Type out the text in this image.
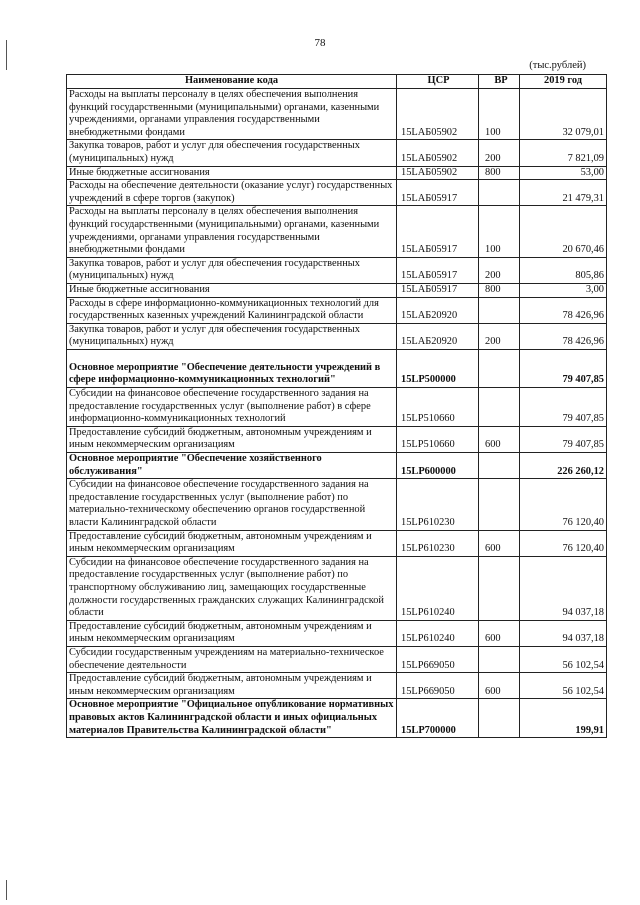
78
(тыс.рублей)
Наименование кода	ЦСР	ВР	2019 год
Расходы на выплаты персоналу в целях обеспечения выполнения функций государственными (муниципальными) органами, казенными учреждениями, органами управления государственными внебюджетными фондами	15LAБ05902	100	32 079,01
Закупка товаров, работ и услуг для обеспечения государственных (муниципальных) нужд	15LAБ05902	200	7 821,09
Иные бюджетные ассигнования	15LAБ05902	800	53,00
Расходы на обеспечение деятельности (оказание услуг) государственных учреждений в сфере торгов (закупок)	15LAБ05917		21 479,31
Расходы на выплаты персоналу в целях обеспечения выполнения функций государственными (муниципальными) органами, казенными учреждениями, органами управления государственными внебюджетными фондами	15LAБ05917	100	20 670,46
Закупка товаров, работ и услуг для обеспечения государственных (муниципальных) нужд	15LAБ05917	200	805,86
Иные бюджетные ассигнования	15LAБ05917	800	3,00
Расходы в сфере информационно-коммуникационных технологий для государственных казенных учреждений Калининградской области	15LAБ20920		78 426,96
Закупка товаров, работ и услуг для обеспечения государственных (муниципальных) нужд	15LAБ20920	200	78 426,96
Основное мероприятие "Обеспечение деятельности учреждений в сфере информационно-коммуникационных технологий"	15LP500000		79 407,85
Субсидии на финансовое обеспечение государственного задания на предоставление государственных услуг (выполнение работ) в сфере информационно-коммуникационных технологий	15LP510660		79 407,85
Предоставление субсидий бюджетным, автономным учреждениям и иным некоммерческим организациям	15LP510660	600	79 407,85
Основное мероприятие "Обеспечение хозяйственного обслуживания"	15LP600000		226 260,12
Субсидии на финансовое обеспечение государственного задания на предоставление государственных услуг (выполнение работ) по материально-техническому обеспечению органов государственной власти Калининградской области	15LP610230		76 120,40
Предоставление субсидий бюджетным, автономным учреждениям и иным некоммерческим организациям	15LP610230	600	76 120,40
Субсидии на финансовое обеспечение государственного задания на предоставление государственных услуг (выполнение работ) по транспортному обслуживанию лиц, замещающих государственные должности государственных гражданских служащих Калининградской области	15LP610240		94 037,18
Предоставление субсидий бюджетным, автономным учреждениям и иным некоммерческим организациям	15LP610240	600	94 037,18
Субсидии государственным учреждениям на материально-техническое обеспечение деятельности	15LP669050		56 102,54
Предоставление субсидий бюджетным, автономным учреждениям и иным некоммерческим организациям	15LP669050	600	56 102,54
Основное мероприятие "Официальное опубликование нормативных правовых актов Калининградской области и иных официальных материалов Правительства Калининградской области"	15LP700000		199,91
